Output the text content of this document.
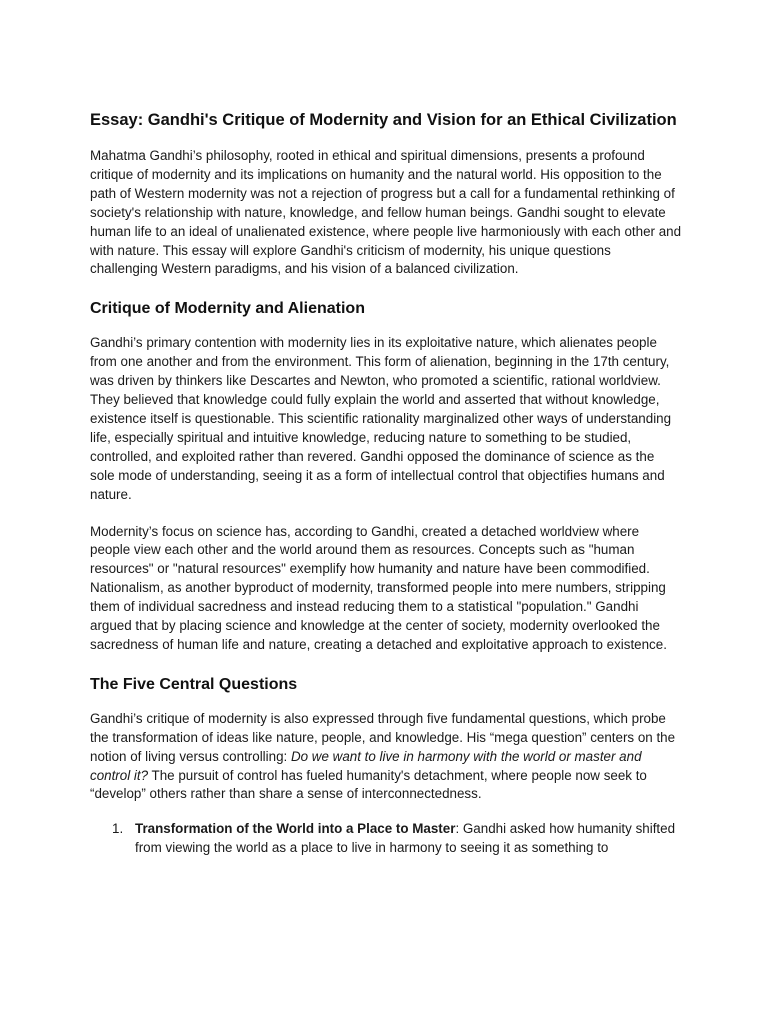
Essay: Gandhi's Critique of Modernity and Vision for an Ethical Civilization

Mahatma Gandhi’s philosophy, rooted in ethical and spiritual dimensions, presents a profound critique of modernity and its implications on humanity and the natural world. His opposition to the path of Western modernity was not a rejection of progress but a call for a fundamental rethinking of society's relationship with nature, knowledge, and fellow human beings. Gandhi sought to elevate human life to an ideal of unalienated existence, where people live harmoniously with each other and with nature. This essay will explore Gandhi's criticism of modernity, his unique questions challenging Western paradigms, and his vision of a balanced civilization.

Critique of Modernity and Alienation

Gandhi’s primary contention with modernity lies in its exploitative nature, which alienates people from one another and from the environment. This form of alienation, beginning in the 17th century, was driven by thinkers like Descartes and Newton, who promoted a scientific, rational worldview. They believed that knowledge could fully explain the world and asserted that without knowledge, existence itself is questionable. This scientific rationality marginalized other ways of understanding life, especially spiritual and intuitive knowledge, reducing nature to something to be studied, controlled, and exploited rather than revered. Gandhi opposed the dominance of science as the sole mode of understanding, seeing it as a form of intellectual control that objectifies humans and nature.

Modernity’s focus on science has, according to Gandhi, created a detached worldview where people view each other and the world around them as resources. Concepts such as "human resources" or "natural resources" exemplify how humanity and nature have been commodified. Nationalism, as another byproduct of modernity, transformed people into mere numbers, stripping them of individual sacredness and instead reducing them to a statistical "population." Gandhi argued that by placing science and knowledge at the center of society, modernity overlooked the sacredness of human life and nature, creating a detached and exploitative approach to existence.

The Five Central Questions

Gandhi’s critique of modernity is also expressed through five fundamental questions, which probe the transformation of ideas like nature, people, and knowledge. His “mega question” centers on the notion of living versus controlling: Do we want to live in harmony with the world or master and control it? The pursuit of control has fueled humanity's detachment, where people now seek to “develop” others rather than share a sense of interconnectedness.

1. Transformation of the World into a Place to Master: Gandhi asked how humanity shifted from viewing the world as a place to live in harmony to seeing it as something to
